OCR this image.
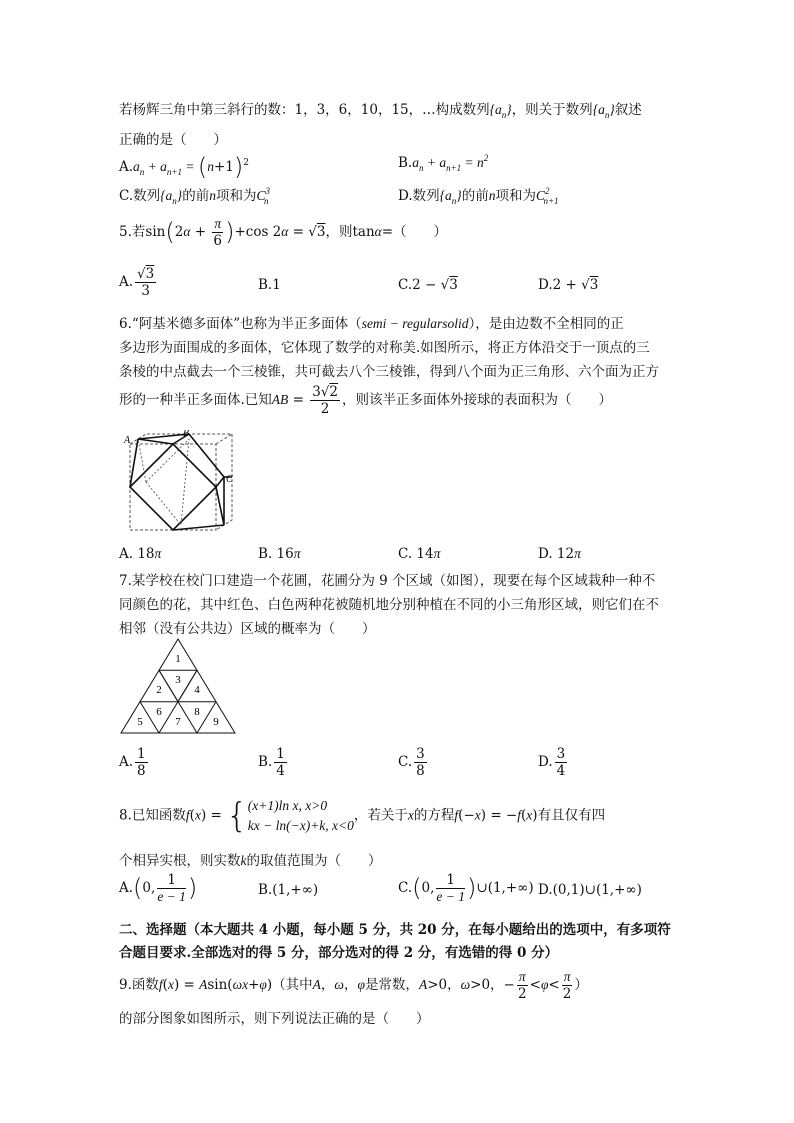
若杨辉三角中第三斜行的数：1，3，6，10，15，…构成数列$\{a_n\}$，则关于数列$\{a_n\}$叙述
正确的是（　　）
$A.a_n + a_{n+1} = (n+1)^2$	$B.a_n + a_{n+1} = n^2$
C.数列$\{a_n\}$的前n项和为$C^3_n$	D.数列$\{a_n\}$的前n项和为$C^2_{n+1}$
5.若$\sin(2\alpha + \frac{\pi}{6} )+\cos$ 2α = √3，则tanα=（　　）
A. $\frac{√3}{3}$	B.1	C.2 − √3	D.2 + √3
6.“阿基米德多面体”也称为半正多面体（semi − regularsolid），是由边数不全相同的正
多边形为面围成的多面体，它体现了数学的对称美.如图所示，将正方体沿交于一顶点的三
条棱的中点截去一个三棱锥，共可截去八个三棱锥，得到八个面为正三角形、六个面为正方
形的一种半正多面体.已知AB = $\frac{3√2}{2}$ ，则该半正多面体外接球的表面积为（　　）
A
B
C
A. 18π	B. 16π	C. 14π	D. 12π
7.某学校在校门口建造一个花圃，花圃分为 9 个区域（如图），现要在每个区域栽种一种不
同颜色的花，其中红色、白色两种花被随机地分别种植在不同的小三角形区域，则它们在不
相邻（没有公共边）区域的概率为（　　）
1
2
3
4
5
6
7
8
9
A. $\frac{1}{8}$	B. $\frac{1}{4}$	C. $\frac{3}{8}$	D. $\frac{3}{4}$
8.已知函数f(x) = { (x+1)ln x, x>0
kx − ln(−x)+k, x<0
，若关于x的方程f(−x) = −f(x)有且仅有四
个相异实根，则实数k的取值范围为（　　）
A.(0, $\frac{1}{e - 1}$ )	B.(1,+∞)	C.(0, $\frac{1}{e - 1}$ )∪(1,+∞) D.(0,1)∪(1,+∞)
二、选择题（本大题共 4 小题，每小题 5 分，共 20 分，在每小题给出的选项中，有多项符
合题目要求.全部选对的得 5 分，部分选对的得 2 分，有选错的得 0 分）
9.函数f(x) = Asin(ωx+φ)（其中A，ω，φ是常数，A>0，ω>0，− $\frac{\pi}{2} <\varphi< \frac{\pi}{2}$ ）
的部分图象如图所示，则下列说法正确的是（　　）
